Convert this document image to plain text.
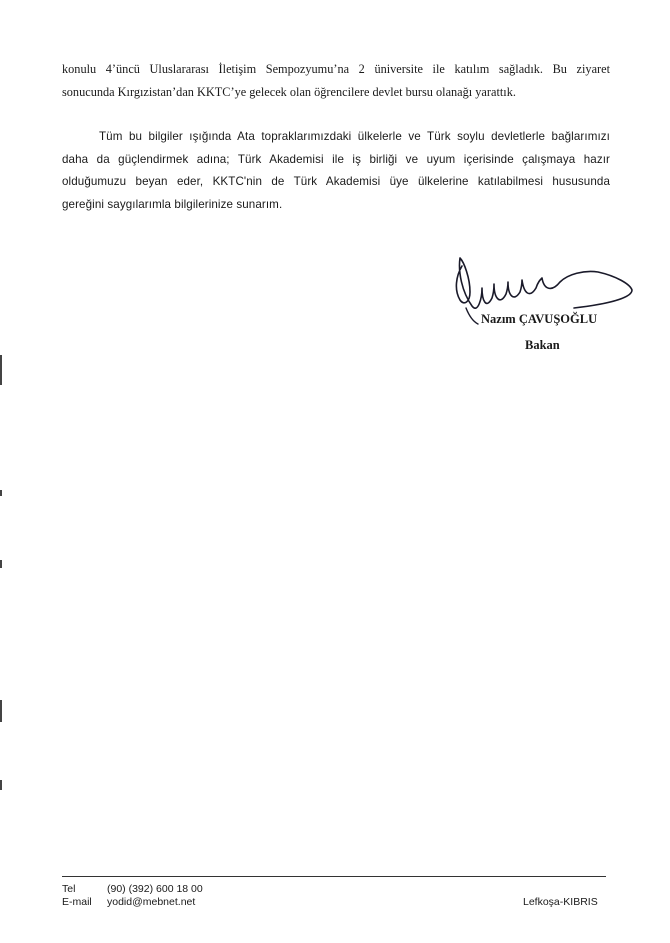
konulu 4’üncü Uluslararası İletişim Sempozyumu’na 2 üniversite ile katılım sağladık. Bu ziyaret
sonucunda Kırgızistan’dan KKTC’ye gelecek olan öğrencilere devlet bursu olanağı yarattık.

Tüm bu bilgiler ışığında Ata topraklarımızdaki ülkelerle ve Türk soylu devletlerle bağlarımızı
daha da güçlendirmek adına; Türk Akademisi ile iş birliği ve uyum içerisinde çalışmaya hazır
olduğumuzu beyan eder, KKTC'nin de Türk Akademisi üye ülkelerine katılabilmesi hususunda
gereğini saygılarımla bilgilerinize sunarım.

Nazım ÇAVUŞOĞLU
Bakan
Tel	(90) (392) 600 18 00
E-mail yodid@mebnet.net	Lefkoşa-KIBRIS
